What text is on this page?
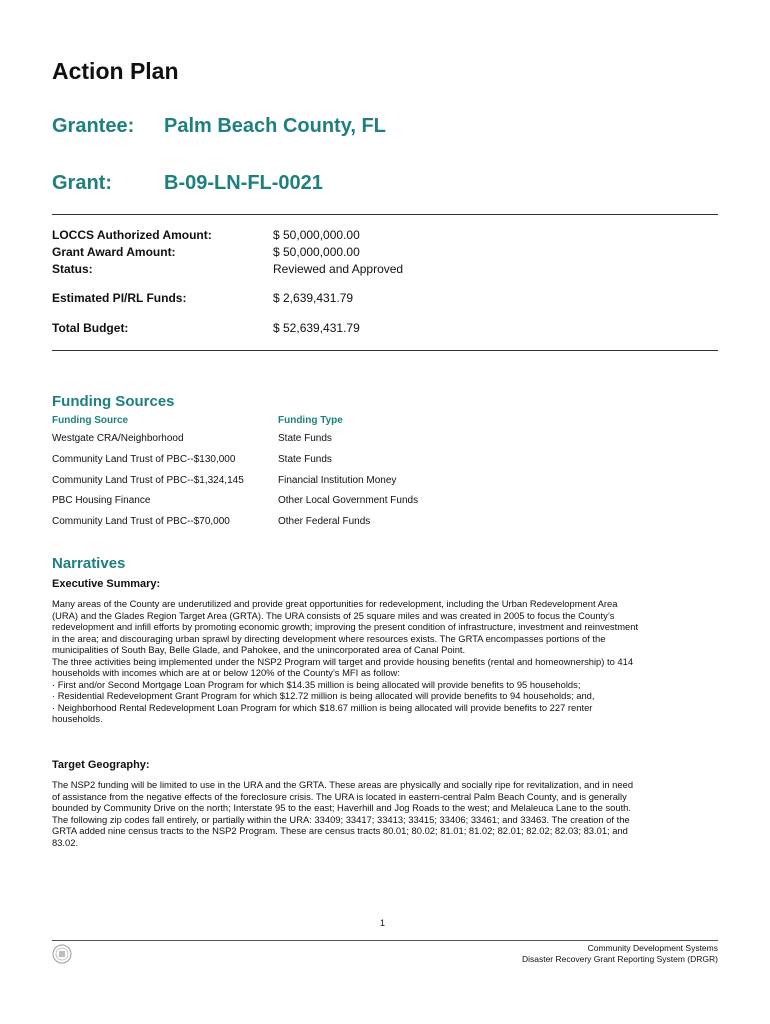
Action Plan
Grantee: Palm Beach County, FL
Grant:	B-09-LN-FL-0021
LOCCS Authorized Amount:	$ 50,000,000.00
Grant Award Amount:	$ 50,000,000.00
Status:	Reviewed and Approved
Estimated PI/RL Funds:	$ 2,639,431.79
Total Budget:	$ 52,639,431.79
Funding Sources
Funding Source	Funding Type
Westgate CRA/Neighborhood	State Funds
Community Land Trust of PBC--$130,000	State Funds
Community Land Trust of PBC--$1,324,145	Financial Institution Money
PBC Housing Finance	Other Local Government Funds
Community Land Trust of PBC--$70,000	Other Federal Funds
Narratives
Executive Summary:
Many areas of the County are underutilized and provide great opportunities for redevelopment, including the Urban Redevelopment Area
(URA) and the Glades Region Target Area (GRTA). The URA consists of 25 square miles and was created in 2005 to focus the County’s
redevelopment and infill efforts by promoting economic growth; improving the present condition of infrastructure, investment and reinvestment
in the area; and discouraging urban sprawl by directing development where resources exists. The GRTA encompasses portions of the
municipalities of South Bay, Belle Glade, and Pahokee, and the unincorporated area of Canal Point.
The three activities being implemented under the NSP2 Program will target and provide housing benefits (rental and homeownership) to 414
households with incomes which are at or below 120% of the County’s MFI as follow:
· First and/or Second Mortgage Loan Program for which $14.35 million is being allocated will provide benefits to 95 households;
· Residential Redevelopment Grant Program for which $12.72 million is being allocated will provide benefits to 94 households; and,
· Neighborhood Rental Redevelopment Loan Program for which $18.67 million is being allocated will provide benefits to 227 renter
households.
Target Geography:
The NSP2 funding will be limited to use in the URA and the GRTA. These areas are physically and socially ripe for revitalization, and in need
of assistance from the negative effects of the foreclosure crisis. The URA is located in eastern-central Palm Beach County, and is generally
bounded by Community Drive on the north; Interstate 95 to the east; Haverhill and Jog Roads to the west; and Melaleuca Lane to the south.
The following zip codes fall entirely, or partially within the URA: 33409; 33417; 33413; 33415; 33406; 33461; and 33463. The creation of the
GRTA added nine census tracts to the NSP2 Program. These are census tracts 80.01; 80.02; 81.01; 81.02; 82.01; 82.02; 82.03; 83.01; and
83.02.
1
Community Development Systems
Disaster Recovery Grant Reporting System (DRGR)
